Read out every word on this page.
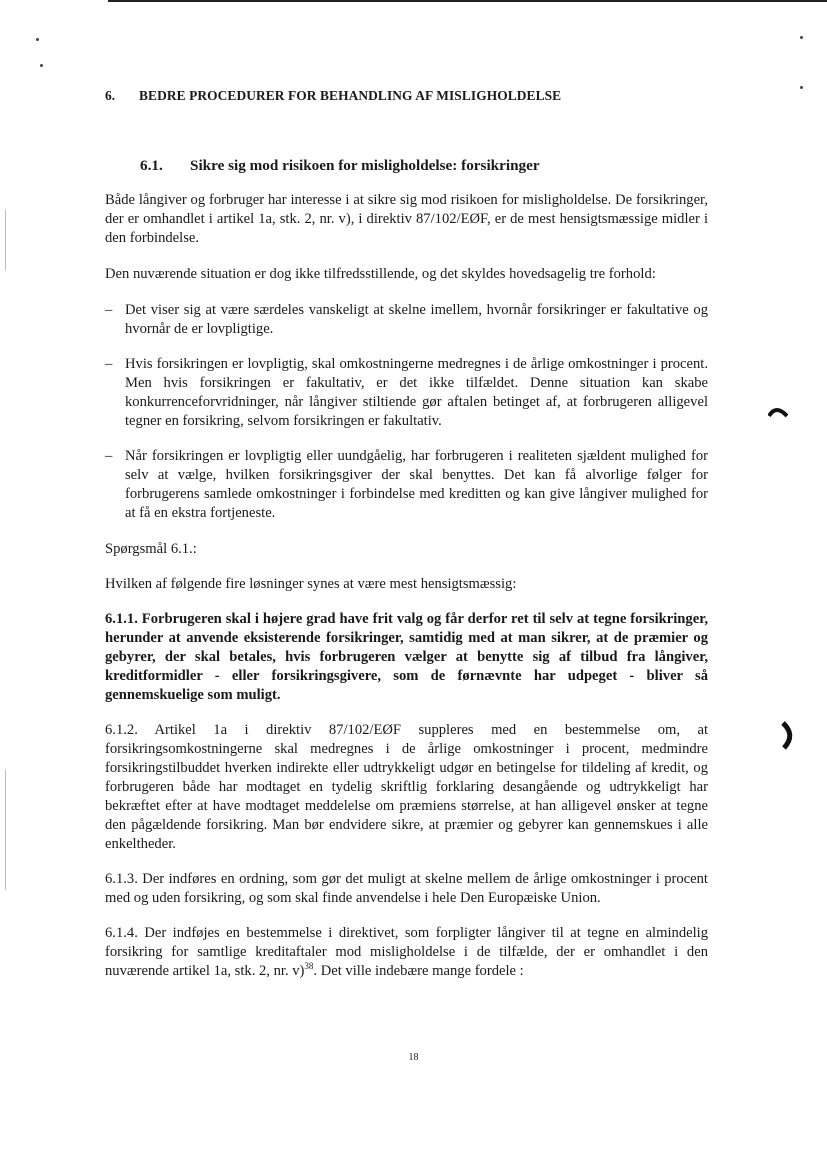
6. BEDRE PROCEDURER FOR BEHANDLING AF MISLIGHOLDELSE
6.1. Sikre sig mod risikoen for misligholdelse: forsikringer

Både långiver og forbruger har interesse i at sikre sig mod risikoen for misligholdelse. De forsikringer, der er omhandlet i artikel 1a, stk. 2, nr. v), i direktiv 87/102/EØF, er de mest hensigtsmæssige midler i den forbindelse.

Den nuværende situation er dog ikke tilfredsstillende, og det skyldes hovedsagelig tre forhold:

– Det viser sig at være særdeles vanskeligt at skelne imellem, hvornår forsikringer er fakultative og hvornår de er lovpligtige.
– Hvis forsikringen er lovpligtig, skal omkostningerne medregnes i de årlige omkostninger i procent. Men hvis forsikringen er fakultativ, er det ikke tilfældet. Denne situation kan skabe konkurrenceforvridninger, når långiver stiltiende gør aftalen betinget af, at forbrugeren alligevel tegner en forsikring, selvom forsikringen er fakultativ.
– Når forsikringen er lovpligtig eller uundgåelig, har forbrugeren i realiteten sjældent mulighed for selv at vælge, hvilken forsikringsgiver der skal benyttes. Det kan få alvorlige følger for forbrugerens samlede omkostninger i forbindelse med kreditten og kan give långiver mulighed for at få en ekstra fortjeneste.

Spørgsmål 6.1.:

Hvilken af følgende fire løsninger synes at være mest hensigtsmæssig:

6.1.1. Forbrugeren skal i højere grad have frit valg og får derfor ret til selv at tegne forsikringer, herunder at anvende eksisterende forsikringer, samtidig med at man sikrer, at de præmier og gebyrer, der skal betales, hvis forbrugeren vælger at benytte sig af tilbud fra långiver, kreditformidler - eller forsikringsgivere, som de førnævnte har udpeget - bliver så gennemskuelige som muligt.

6.1.2. Artikel 1a i direktiv 87/102/EØF suppleres med en bestemmelse om, at forsikringsomkostningerne skal medregnes i de årlige omkostninger i procent, medmindre forsikringstilbuddet hverken indirekte eller udtrykkeligt udgør en betingelse for tildeling af kredit, og forbrugeren både har modtaget en tydelig skriftlig forklaring desangående og udtrykkeligt har bekræftet efter at have modtaget meddelelse om præmiens størrelse, at han alligevel ønsker at tegne den pågældende forsikring. Man bør endvidere sikre, at præmier og gebyrer kan gennemskues i alle enkeltheder.

6.1.3. Der indføres en ordning, som gør det muligt at skelne mellem de årlige omkostninger i procent med og uden forsikring, og som skal finde anvendelse i hele Den Europæiske Union.

6.1.4. Der indføjes en bestemmelse i direktivet, som forpligter långiver til at tegne en almindelig forsikring for samtlige kreditaftaler mod misligholdelse i de tilfælde, der er omhandlet i den nuværende artikel 1a, stk. 2, nr. v)$^{38}$. Det ville indebære mange fordele :

18
